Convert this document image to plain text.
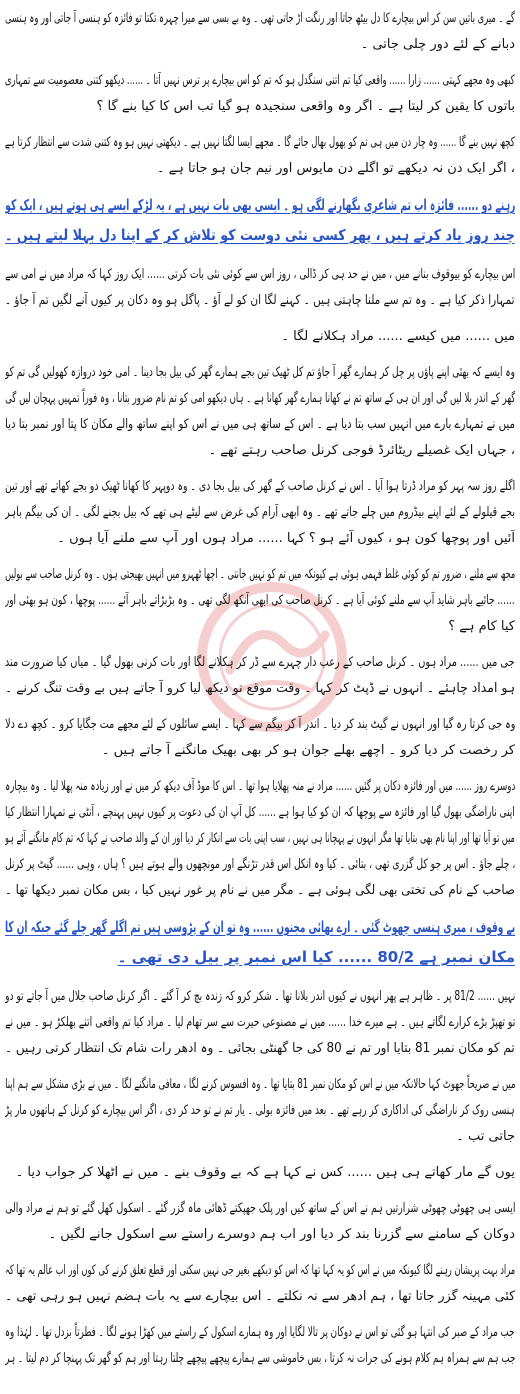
گے ۔ میری باتیں سن کر اس بیچارے کا دل بیٹھ جاتا اور رنگت اڑ جاتی تھی ۔ وہ بے بسی سے میرا چہرہ تکتا تو فائزہ کو ہنسی آ جاتی اور وہ ہنسی
دبانے کے لئے دور چلی جاتی ۔
کبھی وہ مجھے کہتی ...... زارا ...... واقعی کیا تم اتنی سنگدل ہو کہ تم کو اس بیچارے پر ترس نہیں آتا ۔ ...... دیکھو کتنی معصومیت سے تمہاری
باتوں کا یقین کر لیتا ہے ۔ اگر وہ واقعی سنجیدہ ہو گیا تب اس کا کیا بنے گا ؟
کچھ نہیں بنے گا ...... وہ چار دن میں ہی تم کو بھول بھال جائے گا ۔ مجھے ایسا لگتا نہیں ہے ۔ دیکھتی نہیں ہو وہ کتنی شدت سے انتظار کرتا ہے
، اگر ایک دن نہ دیکھے تو اگلے دن مایوس اور نیم جان ہو جاتا ہے ۔
رہنے دو ...... فائزہ اب تم شاعری بگھارنے لگی ہو ۔ ایسی بھی بات نہیں ہے ، یہ لڑکے ایسے ہی ہوتے ہیں ، ایک کو
چند روز یاد کرتے ہیں ، پھر کسی نئی دوست کو تلاش کر کے اپنا دل بہلا لیتے ہیں ۔
اس بیچارے کو بیوقوف بنانے میں ، میں نے حد ہی کر ڈالی ، روز اس سے کوئی نئی بات کرتی ...... ایک روز کہا کہ مراد میں نے امی سے
تمہارا ذکر کیا ہے ۔ وہ تم سے ملنا چاہتی ہیں ۔ کہنے لگا ان کو لے آؤ ۔ پاگل ہو وہ دکان پر کیوں آنے لگیں تم آ جاؤ ۔
میں ...... میں کیسے ...... مراد ہکلانے لگا ۔
وہ ایسے کہ بھئی اپنے پاؤں پر چل کر ہمارے گھر آ جاؤ تم کل ٹھیک تین بجے ہمارے گھر کی بیل بجا دینا ۔ امی خود دروازہ کھولیں گی تم کو
گھر کے اندر بلا لیں گی اور ان ہی کے ساتھ تم نے کھانا ہمارے گھر کھانا ہے ۔ ہاں دیکھو امی کو تم نام ضرور بتانا ، وہ فوراً تمہیں پہچان لیں گی
میں نے تمہارے بارے میں انہیں سب بتا دیا ہے ۔ اس کے ساتھ ہی میں نے اس کو اپنے ساتھ والے مکان کا پتا اور نمبر بتا دیا
، جہاں ایک غصیلے ریٹائرڈ فوجی کرنل صاحب رہتے تھے ۔
اگلے روز سہ پہر کو مراد ڈرتا ہوا آیا ۔ اس نے کرنل صاحب کے گھر کی بیل بجا دی ۔ وہ دوپہر کا کھانا ٹھیک دو بجے کھاتے تھے اور تین
بجے قیلولے کے لئے اپنے بیڈروم میں چلے جاتے تھے ۔ وہ ابھی آرام کی غرض سے لیٹے ہی تھے کہ بیل بجنے لگی ۔ ان کی بیگم باہر
آئیں اور پوچھا کون ہو ، کیوں آئے ہو ؟ کہا ...... مراد ہوں اور آپ سے ملنے آیا ہوں ۔
مجھ سے ملنے ، ضرور تم کو کوئی غلط فہمی ہوئی ہے کیونکہ میں تم کو نہیں جانتی ۔ اچھا ٹھہرو میں انہیں بھیجتی ہوں ۔ وہ کرنل صاحب سے بولیں
...... جائیے باہر شاید آپ سے ملنے کوئی آیا ہے ۔ کرنل صاحب کی ابھی آنکھ لگی تھی ۔ وہ بڑبڑاتے باہر آئے ...... پوچھا ، کون ہو بھئی اور
کیا کام ہے ؟
جی میں ...... مراد ہوں ۔ کرنل صاحب کے رعب دار چہرے سے ڈر کر ہکلانے لگا اور بات کرنی بھول گیا ۔ میاں کیا ضرورت مند
ہو امداد چاہئے ۔ انہوں نے ڈپٹ کر کہا ۔ وقت موقع تو دیکھ لیا کرو آ جاتے ہیں بے وقت تنگ کرنے ۔
وہ جی کرتا رہ گیا اور انہوں نے گیٹ بند کر دیا ۔ اندر آ کر بیگم سے کہا ۔ ایسے سائلوں کے لئے مجھے مت جگایا کرو ۔ کچھ دے دلا
کر رخصت کر دیا کرو ۔ اچھے بھلے جوان ہو کر بھی بھیک مانگنے آ جاتے ہیں ۔
دوسرے روز ...... میں اور فائزہ دکان پر گئیں ...... مراد نے منہ پھلایا ہوا تھا ۔ اس کا موڈ آف دیکھ کر میں نے اور زیادہ منہ پھلا لیا ۔ وہ بیچارہ
اپنی ناراضگی بھول گیا اور فائزہ سے پوچھا کہ ان کو کیا ہوا ہے ...... کل آپ ان کی دعوت پر کیوں نہیں پہنچے ، آنٹی نے تمہارا انتظار کیا
میں تو آیا تھا اور اپنا نام بھی بتایا تھا مگر انہوں نے پہچانا ہی نہیں ، سب اپنی بات سے انکار کر دیا اور ان کے والد صاحب نے کہا کہ تم کام مانگنے آئے ہو
، چلے جاؤ ۔ اس پر جو کل گزری تھی ، بتائی ۔ کیا وہ انکل اس قدر تڑنگے اور مونچھوں والے ہوتے ہیں ؟ ہاں ، وہی ...... گیٹ پر کرنل
صاحب کے نام کی تختی بھی لگی ہوئی ہے ۔ مگر میں نے نام پر غور نہیں کیا ، بس مکان نمبر دیکھا تھا ۔
بے وقوف ، میری ہنسی چھوٹ گئی ۔ ارے بھائی مجنوں ...... وہ تو ان کے پڑوسی ہیں تم اگلے گھر چلے گئے جبکہ ان کا
مکان نمبر ہے 80/2 ...... کیا اس نمبر پر بیل دی تھی ۔
نہیں ...... 81/2 پر ۔ ظاہر ہے پھر انہوں نے کیوں اندر بلانا تھا ۔ شکر کرو کہ زندہ بچ کر آ گئے ۔ اگر کرنل صاحب جلال میں آ جاتے تو دو
تو تھپڑ بڑے کرارے لگاتے ہیں ۔ ہے میرے خدا ...... میں نے مصنوعی حیرت سے سر تھام لیا ۔ مراد کیا تم واقعی اتنے بھلکڑ ہو ۔ میں نے
تم کو مکان نمبر 81 بتایا اور تم نے 80 کی جا گھنٹی بجائی ۔ وہ ادھر رات شام تک انتظار کرتی رہیں ۔
میں نے صریحاً جھوٹ کہا حالانکہ میں نے اس کو مکان نمبر 81 بتایا تھا ۔ وہ افسوس کرنے لگا ، معافی مانگنے لگا ۔ میں نے بڑی مشکل سے ہم اپنا
ہنسی روک کر ناراضگی کی اداکاری کر رہے تھے ۔ بعد میں فائزہ بولی ۔ یار تم نے تو حد کر دی ، اگر اس بیچارے کو کرنل کے ہاتھوں مار پڑ
جاتی تب ۔
یوں گے مار کھاتے ہی ہیں ...... کس نے کہا ہے کہ بے وقوف بنے ۔ میں نے اٹھلا کر جواب دیا ۔
ایسی ہی چھوٹی چھوٹی شرارتیں ہم نے اس کے ساتھ کیں اور پلک جھپکتے ڈھائی ماہ گزر گئے ۔ اسکول کھل گئے تو ہم نے مراد والی
دوکان کے سامنے سے گزرنا بند کر دیا اور اب ہم دوسرے راستے سے اسکول جانے لگیں ۔
مراد بہت پریشان رہنے لگا کیونکہ میں نے اس کو یہ کہا تھا کہ اس کو دیکھے بغیر جی نہیں سکتی اور قطع تعلق کرنے کی کوں اور اب عالم یہ تھا کہ
کئی مہینہ گزر جاتا تھا ، ہم ادھر سے نہ نکلتے ۔ اس بیچارے سے یہ بات ہضم نہیں ہو رہی تھی ۔
جب مراد کے صبر کی انتہا ہو گئی تو اس نے دوکان پر تالا لگایا اور وہ ہمارے اسکول کے راستے میں کھڑا ہونے لگا ۔ فطرتاً بزدل تھا ۔ لہٰذا وہ
جب ہم سے ہمراہ ہم کلام ہونے کی جرات نہ کرتا ، بس خاموشی سے ہمارے پیچھے پیچھے چلتا رہتا اور ہم کو گھر تک پہنچا کر دم لیتا ۔ ہر
